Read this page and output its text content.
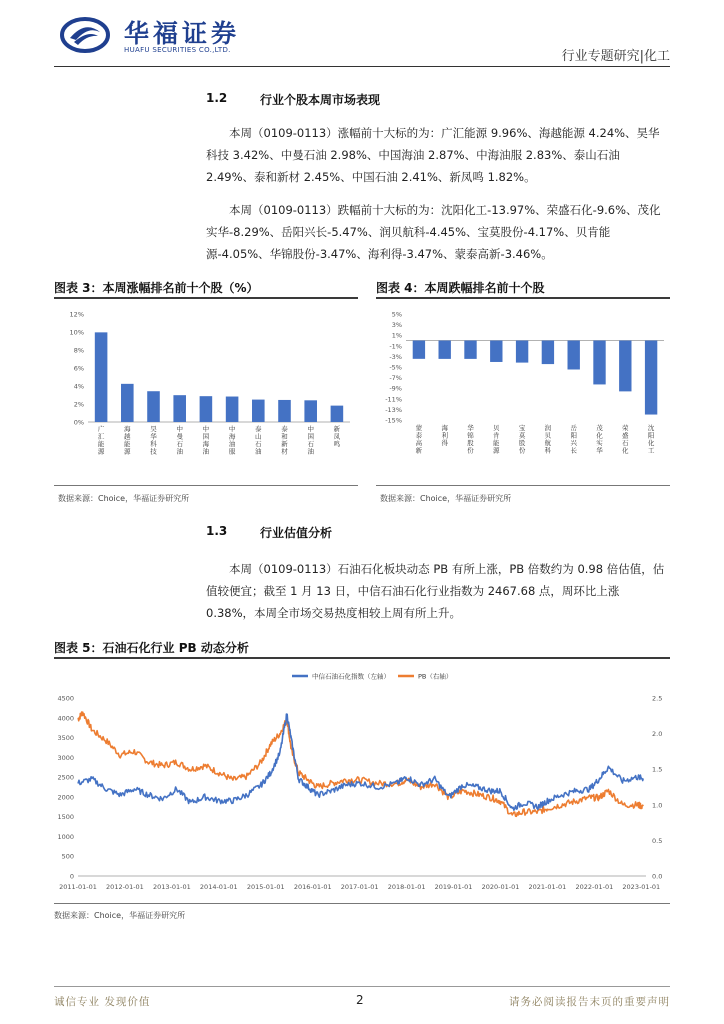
华福证券
HUAFU SECURITIES CO.,LTD.	行业专题研究|化工
1.2	行业个股本周市场表现

本周（0109-0113）涨幅前十大标的为：广汇能源 9.96%、海越能源 4.24%、昊华科技 3.42%、中曼石油 2.98%、中国海油 2.87%、中海油服 2.83%、泰山石油 2.49%、泰和新材 2.45%、中国石油 2.41%、新凤鸣 1.82%。

本周（0109-0113）跌幅前十大标的为：沈阳化工-13.97%、荣盛石化-9.6%、茂化实华-8.29%、岳阳兴长-5.47%、润贝航科-4.45%、宝莫股份-4.17%、贝肯能源-4.05%、华锦股份-3.47%、海利得-3.47%、蒙泰高新-3.46%。

图表 3：本周涨幅排名前十个股（%）
0%
2%
4%
6%
8%
10%
12%
广汇能源
海越能源
昊华科技
中曼石油
中国海油
中海油服
泰山石油
泰和新材
中国石油
新凤鸣
数据来源：Choice，华福证券研究所
图表 4：本周跌幅排名前十个股
-15%
-13%
-11%
-9%
-7%
-5%
-3%
-1%
1%
3%
5%
蒙泰高新
海利得
华锦股份
贝肯能源
宝莫股份
润贝航科
岳阳兴长
茂化实华
荣盛石化
沈阳化工
数据来源：Choice，华福证券研究所
1.3	行业估值分析

本周（0109-0113）石油石化板块动态 PB 有所上涨，PB 倍数约为 0.98 倍估值，估值较便宜；截至 1 月 13 日，中信石油石化行业指数为 2467.68 点，周环比上涨 0.38%，本周全市场交易热度相较上周有所上升。

图表 5：石油石化行业 PB 动态分析
0
500
1000
1500
2000
2500
3000
3500
4000
4500
0.0
0.5
1.0
1.5
2.0
2.5
2011-01-01 2012-01-01 2013-01-01 2014-01-01 2015-01-01 2016-01-01 2017-01-01 2018-01-01 2019-01-01 2020-01-01 2021-01-01 2022-01-01 2023-01-01
中信石油石化指数（左轴）	PB（右轴）
数据来源：Choice，华福证券研究所
诚信专业 发现价值	2	请务必阅读报告末页的重要声明
